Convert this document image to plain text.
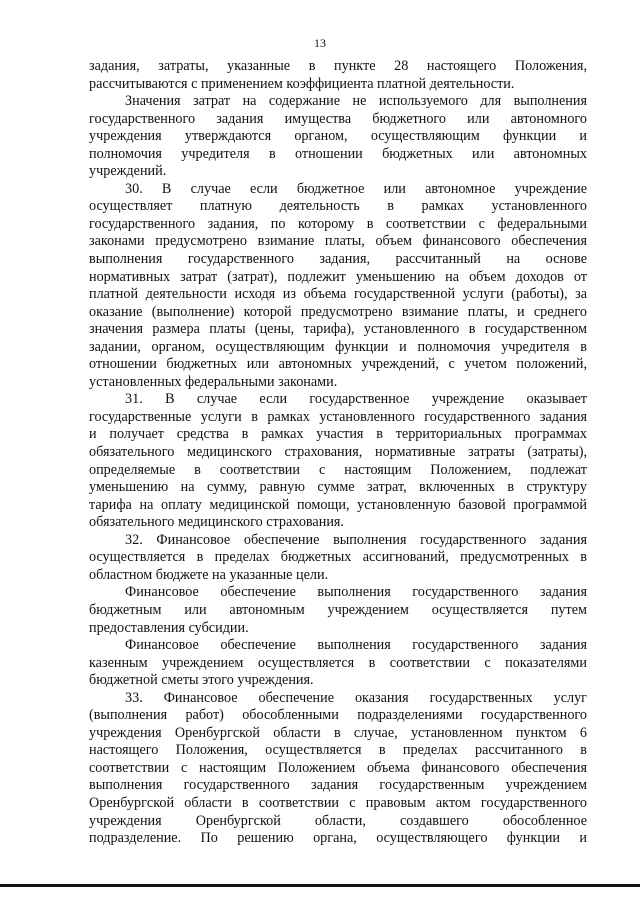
13
задания, затраты, указанные в пункте 28 настоящего Положения,
рассчитываются с применением коэффициента платной деятельности.
Значения затрат на содержание не используемого для выполнения
государственного задания имущества бюджетного или автономного
учреждения утверждаются органом, осуществляющим функции и
полномочия учредителя в отношении бюджетных или автономных
учреждений.
30. В случае если бюджетное или автономное учреждение
осуществляет платную деятельность в рамках установленного
государственного задания, по которому в соответствии с федеральными
законами предусмотрено взимание платы, объем финансового обеспечения
выполнения государственного задания, рассчитанный на основе
нормативных затрат (затрат), подлежит уменьшению на объем доходов от
платной деятельности исходя из объема государственной услуги (работы), за
оказание (выполнение) которой предусмотрено взимание платы, и среднего
значения размера платы (цены, тарифа), установленного в государственном
задании, органом, осуществляющим функции и полномочия учредителя в
отношении бюджетных или автономных учреждений, с учетом положений,
установленных федеральными законами.
31. В случае если государственное учреждение оказывает
государственные услуги в рамках установленного государственного задания
и получает средства в рамках участия в территориальных программах
обязательного медицинского страхования, нормативные затраты (затраты),
определяемые в соответствии с настоящим Положением, подлежат
уменьшению на сумму, равную сумме затрат, включенных в структуру
тарифа на оплату медицинской помощи, установленную базовой программой
обязательного медицинского страхования.
32. Финансовое обеспечение выполнения государственного задания
осуществляется в пределах бюджетных ассигнований, предусмотренных в
областном бюджете на указанные цели.
Финансовое обеспечение выполнения государственного задания
бюджетным или автономным учреждением осуществляется путем
предоставления субсидии.
Финансовое обеспечение выполнения государственного задания
казенным учреждением осуществляется в соответствии с показателями
бюджетной сметы этого учреждения.
33. Финансовое обеспечение оказания государственных услуг
(выполнения работ) обособленными подразделениями государственного
учреждения Оренбургской области в случае, установленном пунктом 6
настоящего Положения, осуществляется в пределах рассчитанного в
соответствии с настоящим Положением объема финансового обеспечения
выполнения государственного задания государственным учреждением
Оренбургской области в соответствии с правовым актом государственного
учреждения Оренбургской области, создавшего обособленное
подразделение. По решению органа, осуществляющего функции и
